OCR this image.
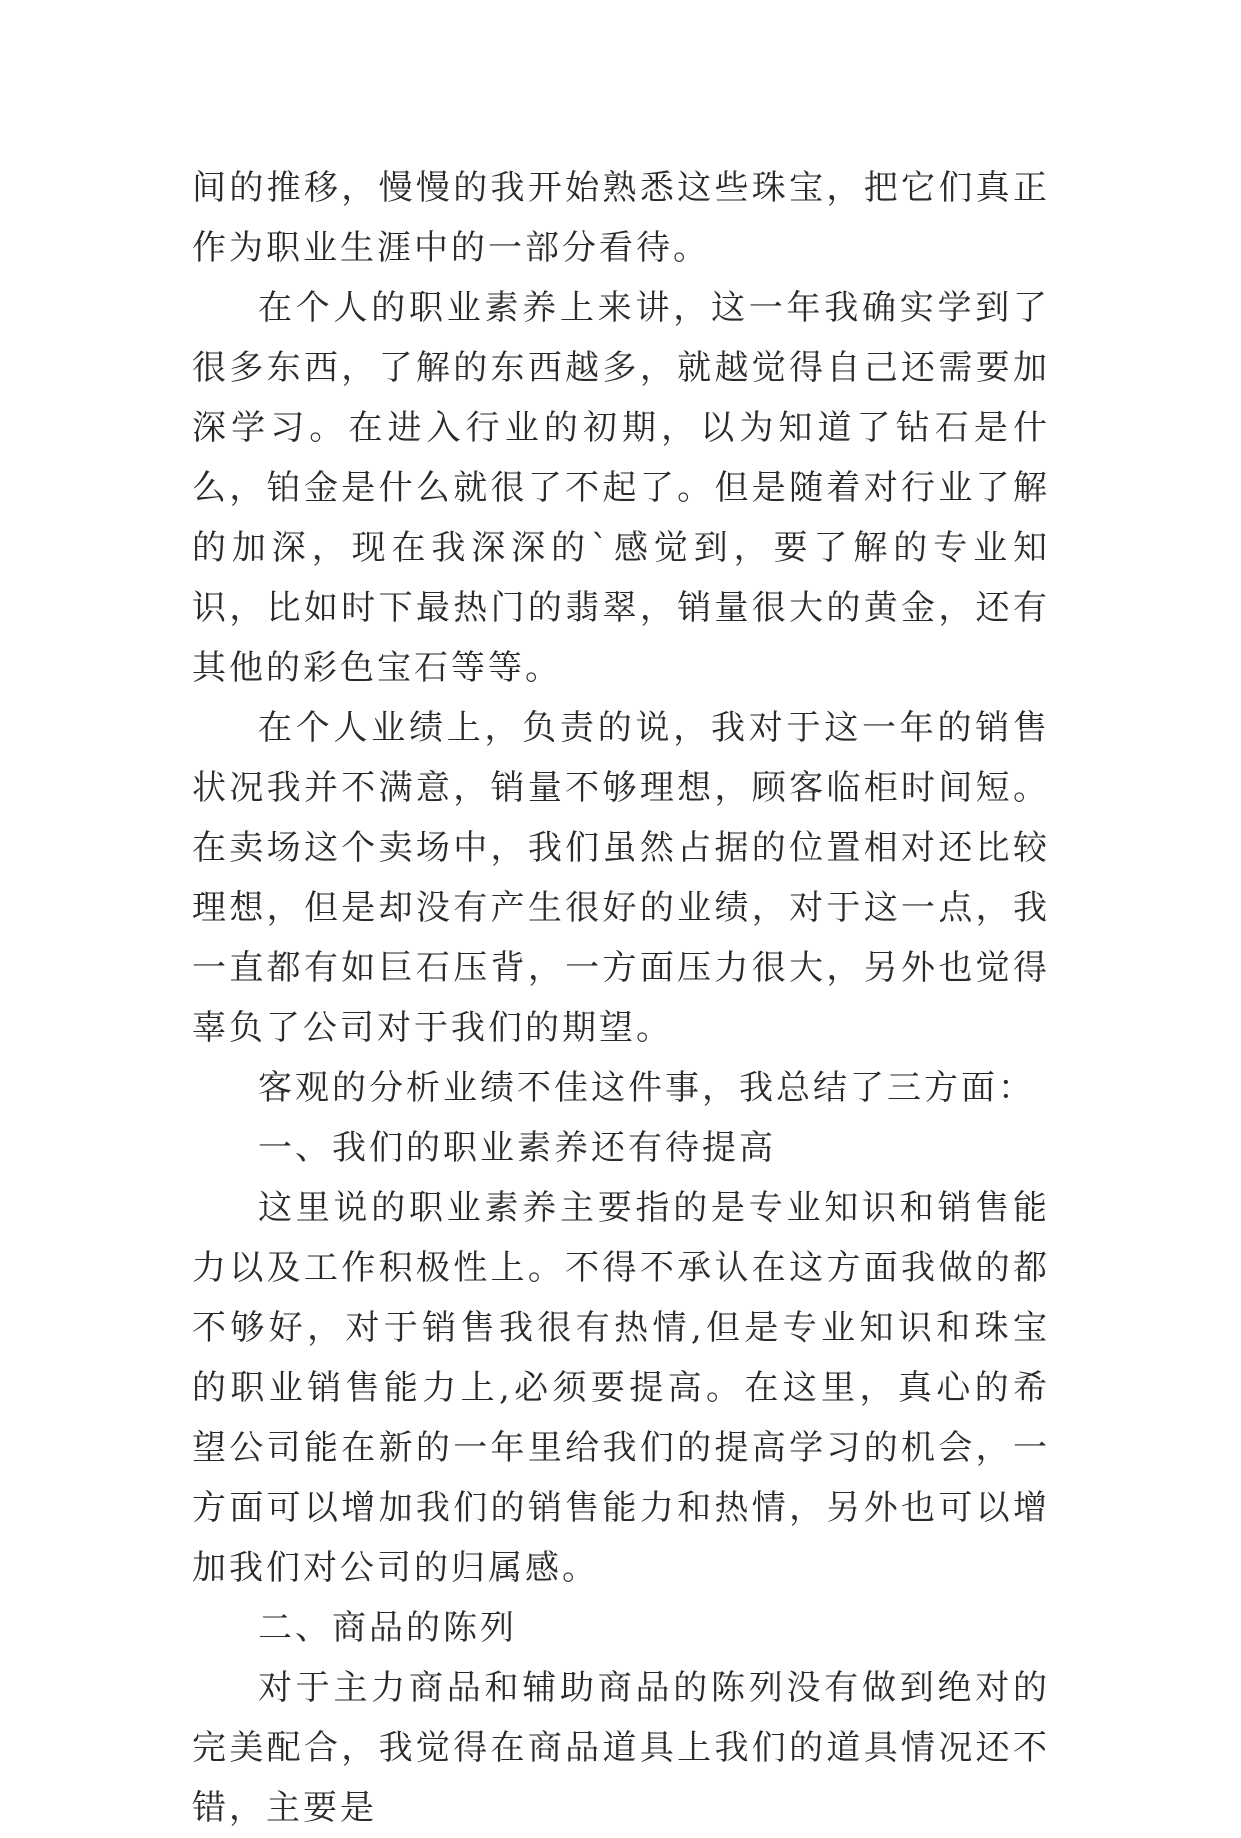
间的推移，慢慢的我开始熟悉这些珠宝，把它们真正作为职业生涯中的一部分看待。

在个人的职业素养上来讲，这一年我确实学到了很多东西，了解的东西越多，就越觉得自己还需要加深学习。在进入行业的初期，以为知道了钻石是什么，铂金是什么就很了不起了。但是随着对行业了解的加深，现在我深深的`感觉到，要了解的专业知识，比如时下最热门的翡翠，销量很大的黄金，还有其他的彩色宝石等等。

在个人业绩上，负责的说，我对于这一年的销售状况我并不满意，销量不够理想，顾客临柜时间短。在卖场这个卖场中，我们虽然占据的位置相对还比较理想，但是却没有产生很好的业绩，对于这一点，我一直都有如巨石压背，一方面压力很大，另外也觉得辜负了公司对于我们的期望。

客观的分析业绩不佳这件事，我总结了三方面：

一、我们的职业素养还有待提高

这里说的职业素养主要指的是专业知识和销售能力以及工作积极性上。不得不承认在这方面我做的都不够好，对于销售我很有热情,但是专业知识和珠宝的职业销售能力上,必须要提高。在这里，真心的希望公司能在新的一年里给我们的提高学习的机会，一方面可以增加我们的销售能力和热情，另外也可以增加我们对公司的归属感。

二、商品的陈列

对于主力商品和辅助商品的陈列没有做到绝对的完美配合，我觉得在商品道具上我们的道具情况还不错，主要是
